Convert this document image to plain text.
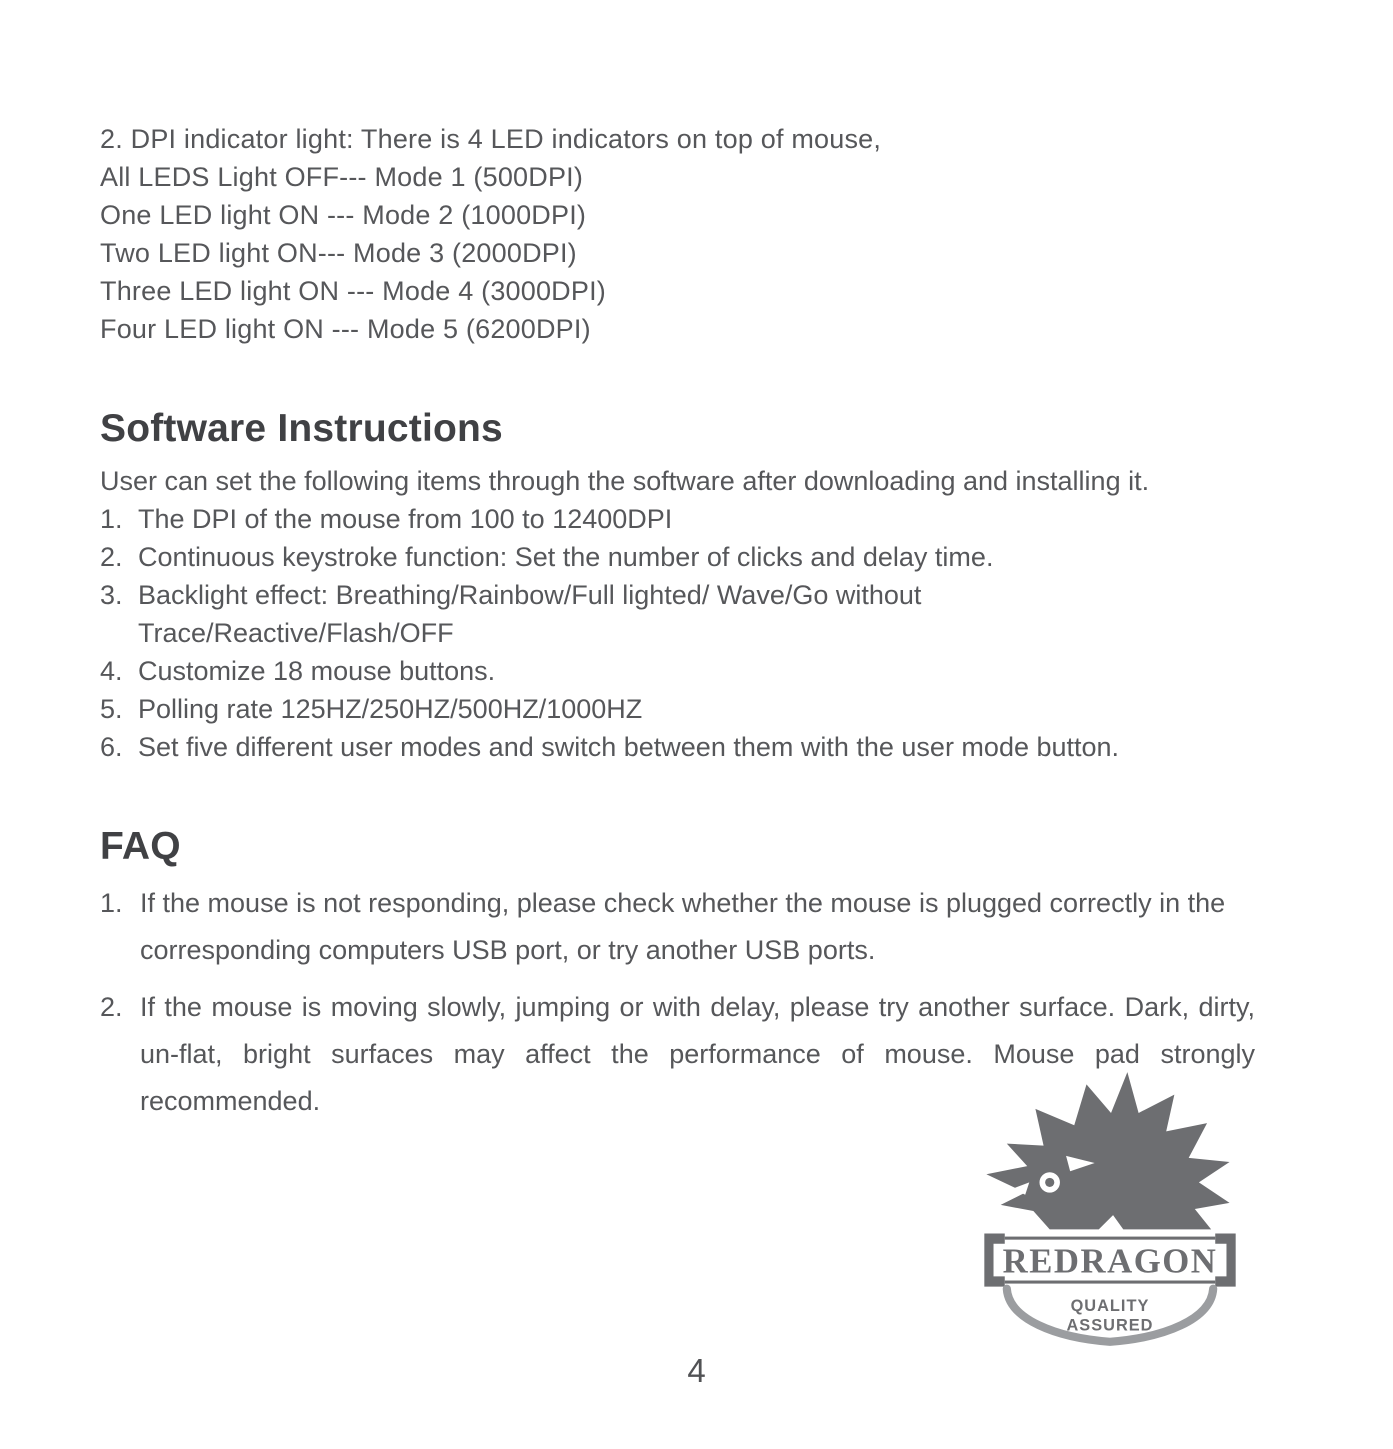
2. DPI indicator light: There is 4 LED indicators on top of mouse,

All LEDS Light OFF--- Mode 1 (500DPI)

One LED light ON --- Mode 2 (1000DPI)

Two LED light ON--- Mode 3 (2000DPI)

Three LED light ON --- Mode 4 (3000DPI)

Four LED light ON --- Mode 5 (6200DPI)

Software Instructions

User can set the following items through the software after downloading and installing it.

1. The DPI of the mouse from 100 to 12400DPI
2. Continuous keystroke function: Set the number of clicks and delay time.
3. Backlight effect: Breathing/Rainbow/Full lighted/ Wave/Go without Trace/Reactive/Flash/OFF
4. Customize 18 mouse buttons.
5. Polling rate 125HZ/250HZ/500HZ/1000HZ
6. Set five different user modes and switch between them with the user mode button.
FAQ
1. If the mouse is not responding, please check whether the mouse is plugged correctly in the corresponding computers USB port, or try another USB ports.
2. If the mouse is moving slowly, jumping or with delay, please try another surface. Dark, dirty, un-flat, bright surfaces may affect the performance of mouse. Mouse pad strongly recommended.
REDRAGON
QUALITY
ASSURED
4
